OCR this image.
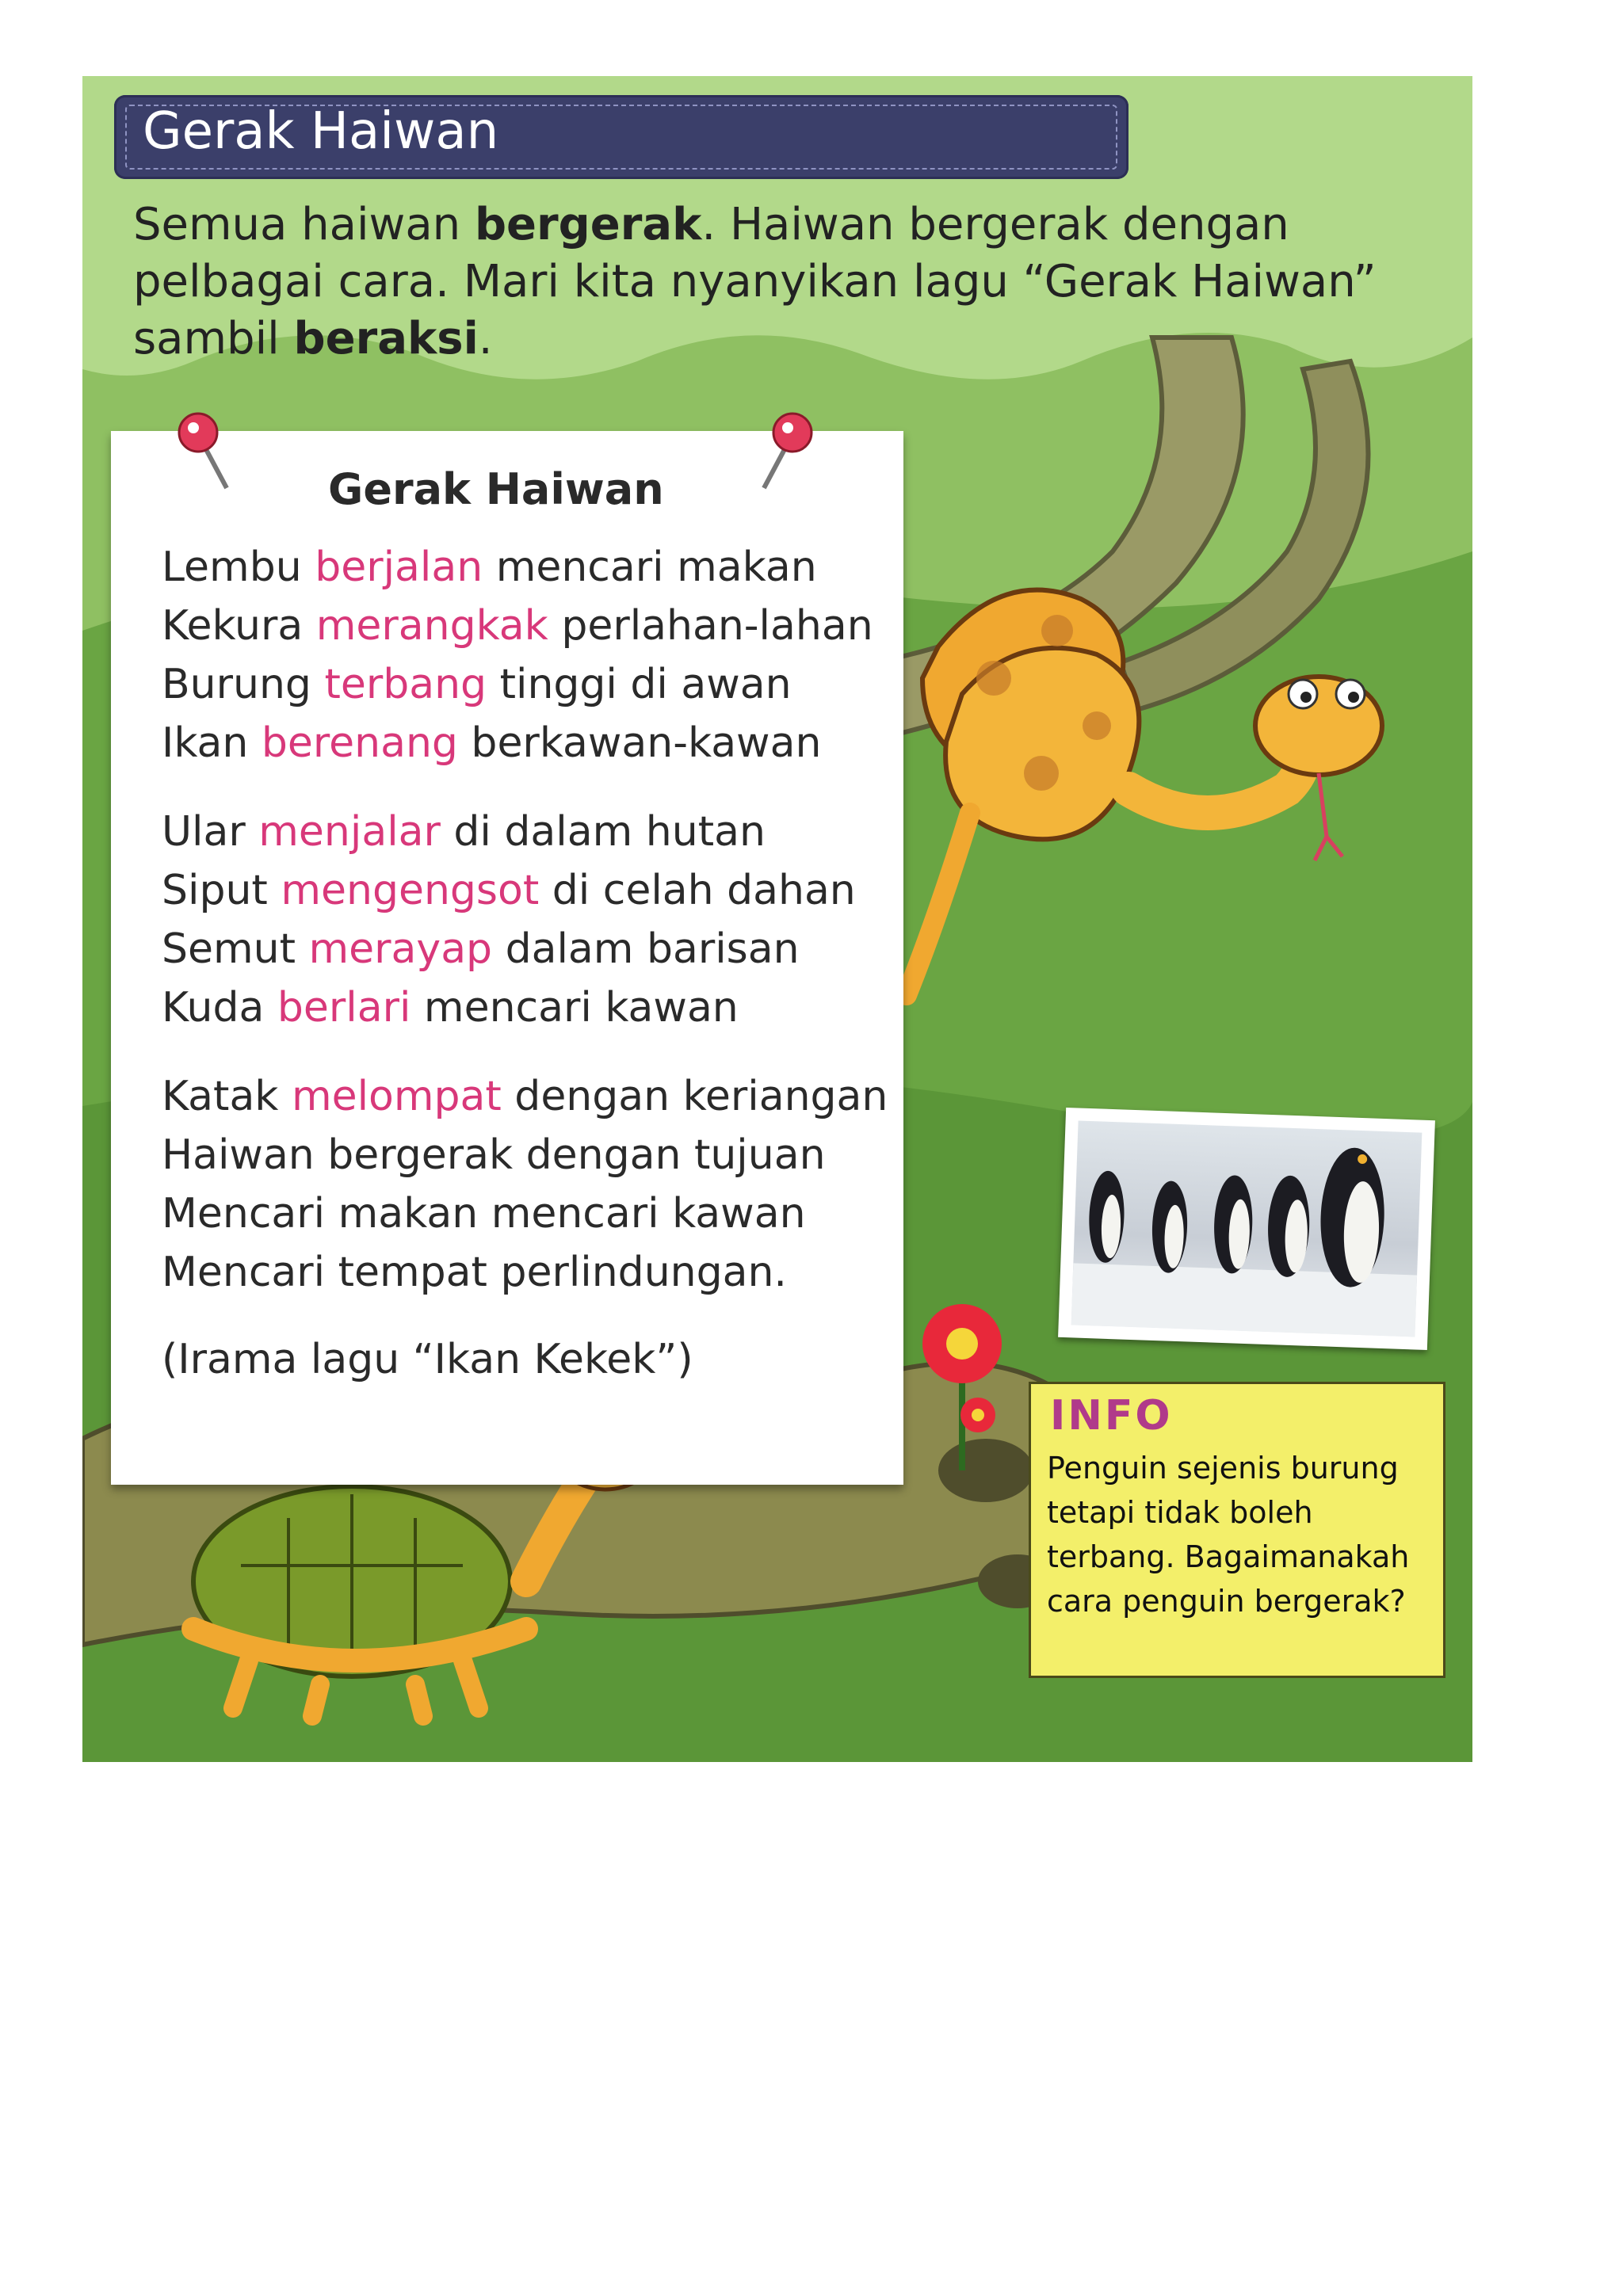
Gerak Haiwan
Semua haiwan bergerak. Haiwan bergerak dengan pelbagai cara. Mari kita nyanyikan lagu “Gerak Haiwan” sambil beraksi.
Gerak Haiwan
Lembu berjalan mencari makan
Kekura merangkak perlahan-lahan
Burung terbang tinggi di awan
Ikan berenang berkawan-kawan
Ular menjalar di dalam hutan
Siput mengengsot di celah dahan
Semut merayap dalam barisan
Kuda berlari mencari kawan
Katak melompat dengan keriangan
Haiwan bergerak dengan tujuan
Mencari makan mencari kawan
Mencari tempat perlindungan.
(Irama lagu “Ikan Kekek”)
INFO
Penguin sejenis burung
tetapi tidak boleh
terbang. Bagaimanakah
cara penguin bergerak?
